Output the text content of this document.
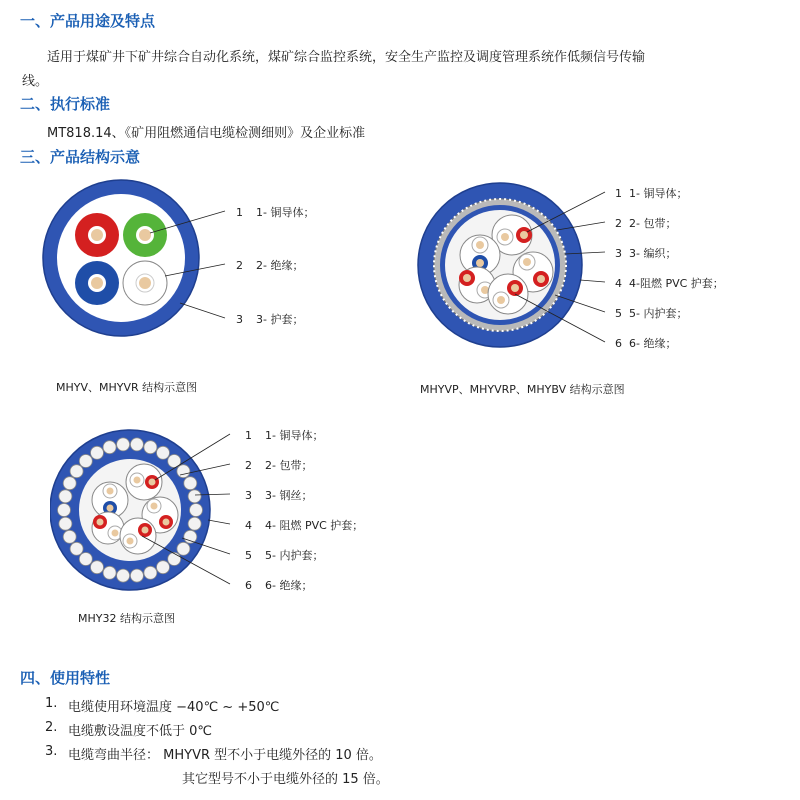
一、产品用途及特点

适用于煤矿井下矿井综合自动化系统，煤矿综合监控系统，安全生产监控及调度管理系统作低频信号传输

线。

二、执行标准

MT818.14、《矿用阻燃通信电缆检测细则》及企业标准

三、产品结构示意
1 1- 铜导体；
2 2- 绝缘；
3 3- 护套；

MHYV、MHYVR 结构示意图

1 1- 铜导体；
2 2- 包带；
3 3- 编织；
4 4-阻燃 PVC 护套；
5 5- 内护套；
6 6- 绝缘；

MHYVP、MHYVRP、MHYBV 结构示意图

1 1- 铜导体；
2 2- 包带；
3 3- 钢丝；
4 4- 阻燃 PVC 护套；
5 5- 内护套；
6 6- 绝缘；

MHY32 结构示意图

四、使用特性

1. 电缆使用环境温度 −40℃ ~ +50℃

2. 电缆敷设温度不低于 0℃

3. 电缆弯曲半径： MHYVR 型不小于电缆外径的 10 倍。

其它型号不小于电缆外径的 15 倍。
